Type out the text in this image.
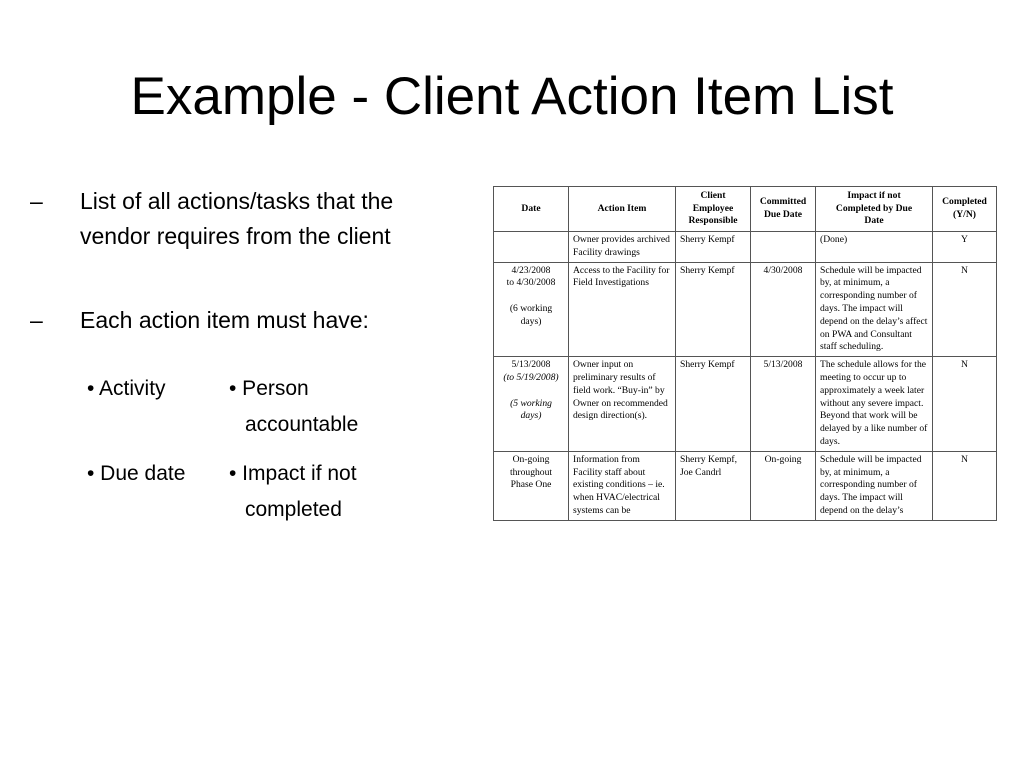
Example - Client Action Item List
– List of all actions/tasks that the
vendor requires from the client
– Each action item must have:
• Activity	• Person
accountable
• Due date • Impact if not
completed
Date	Action Item	Client
Employee
Responsible	Committed
Due Date	Impact if not
Completed by Due
Date	Completed
(Y/N)

	Owner provides archived Facility drawings	Sherry Kempf		(Done)	Y

4/23/2008
to 4/30/2008

(6 working
days)	Access to the Facility for Field Investigations	Sherry Kempf	4/30/2008	Schedule will be impacted by, at minimum, a corresponding number of days. The impact will depend on the delay’s affect on PWA and Consultant staff scheduling.	N

5/13/2008
(to 5/19/2008)

(5 working
days)	Owner input on preliminary results of field work. “Buy-in” by Owner on recommended design direction(s).	Sherry Kempf	5/13/2008	The schedule allows for the meeting to occur up to approximately a week later without any severe impact. Beyond that work will be delayed by a like number of days.	N

On-going
throughout
Phase One	Information from Facility staff about existing conditions – ie. when HVAC/electrical systems can be	Sherry Kempf, Joe Candrl	On-going	Schedule will be impacted by, at minimum, a corresponding number of days. The impact will depend on the delay’s	N
